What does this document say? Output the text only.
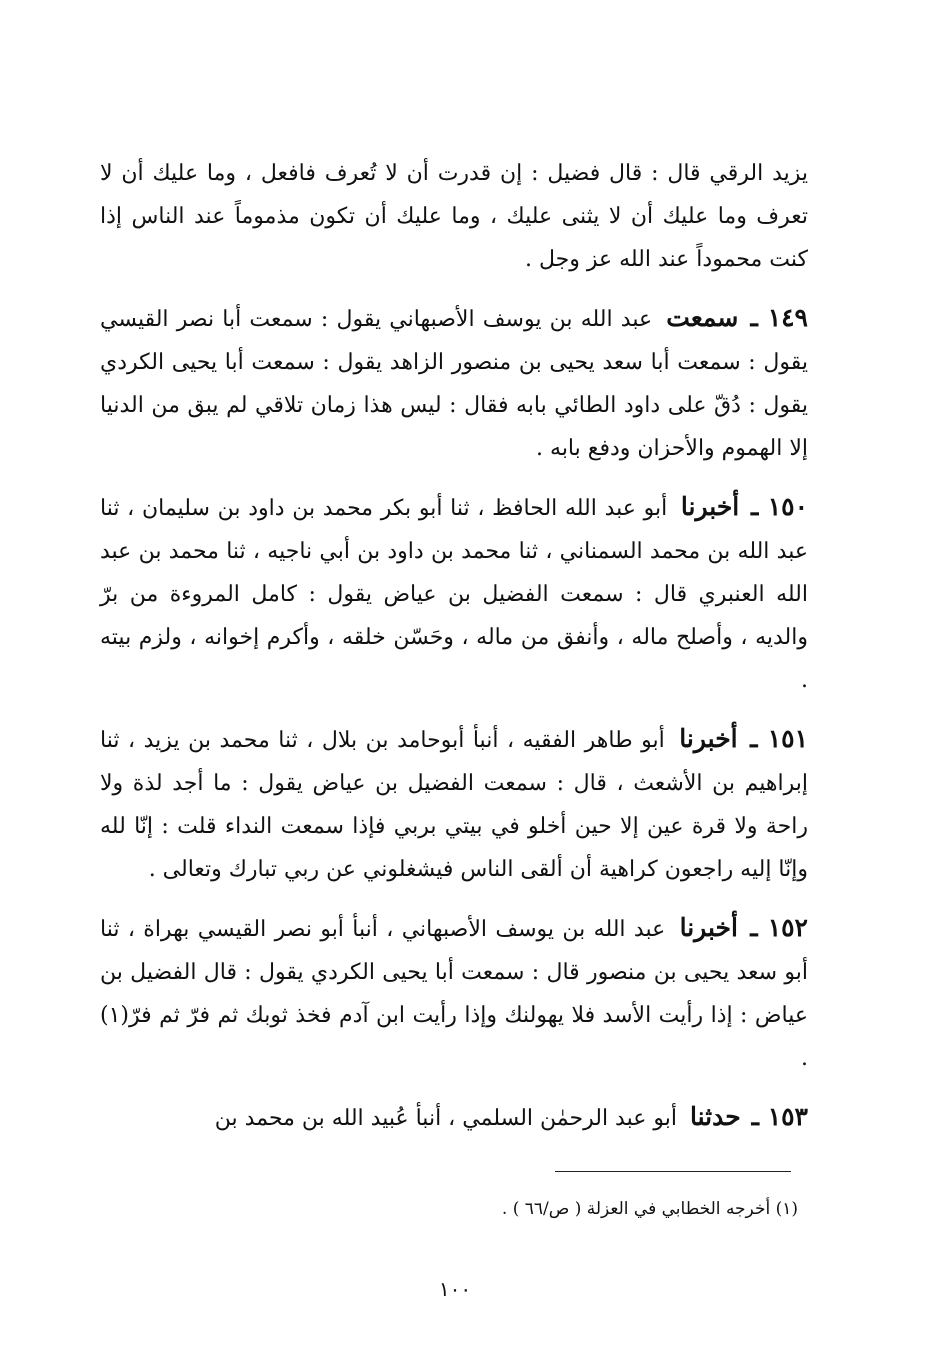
يزيد الرقي قال : قال فضيل : إن قدرت أن لا تُعرف فافعل ، وما عليك أن لا تعرف وما عليك أن لا يثنى عليك ، وما عليك أن تكون مذموماً عند الناس إذا كنت محموداً عند الله عز وجل .

١٤٩ ـ سمعت عبد الله بن يوسف الأصبهاني يقول : سمعت أبا نصر القيسي يقول : سمعت أبا سعد يحيى بن منصور الزاهد يقول : سمعت أبا يحيى الكردي يقول : دُقّ على داود الطائي بابه فقال : ليس هذا زمان تلاقي لم يبق من الدنيا إلا الهموم والأحزان ودفع بابه .

١٥٠ ـ أخبرنا أبو عبد الله الحافظ ، ثنا أبو بكر محمد بن داود بن سليمان ، ثنا عبد الله بن محمد السمناني ، ثنا محمد بن داود بن أبي ناجيه ، ثنا محمد بن عبد الله العنبري قال : سمعت الفضيل بن عياض يقول : كامل المروءة من برّ والديه ، وأصلح ماله ، وأنفق من ماله ، وحَسّن خلقه ، وأكرم إخوانه ، ولزم بيته .

١٥١ ـ أخبرنا أبو طاهر الفقيه ، أنبأ أبوحامد بن بلال ، ثنا محمد بن يزيد ، ثنا إبراهيم بن الأشعث ، قال : سمعت الفضيل بن عياض يقول : ما أجد لذة ولا راحة ولا قرة عين إلا حين أخلو في بيتي بربي فإذا سمعت النداء قلت : إنّا لله وإنّا إليه راجعون كراهية أن ألقى الناس فيشغلوني عن ربي تبارك وتعالى .

١٥٢ ـ أخبرنا عبد الله بن يوسف الأصبهاني ، أنبأ أبو نصر القيسي بهراة ، ثنا أبو سعد يحيى بن منصور قال : سمعت أبا يحيى الكردي يقول : قال الفضيل بن عياض : إذا رأيت الأسد فلا يهولنك وإذا رأيت ابن آدم فخذ ثوبك ثم فرّ ثم فرّ(١) .

١٥٣ ـ حدثنا أبو عبد الرحمٰن السلمي ، أنبأ عُبيد الله بن محمد بن

(١) أخرجه الخطابي في العزلة ( ص/٦٦ ) .
١٠٠
